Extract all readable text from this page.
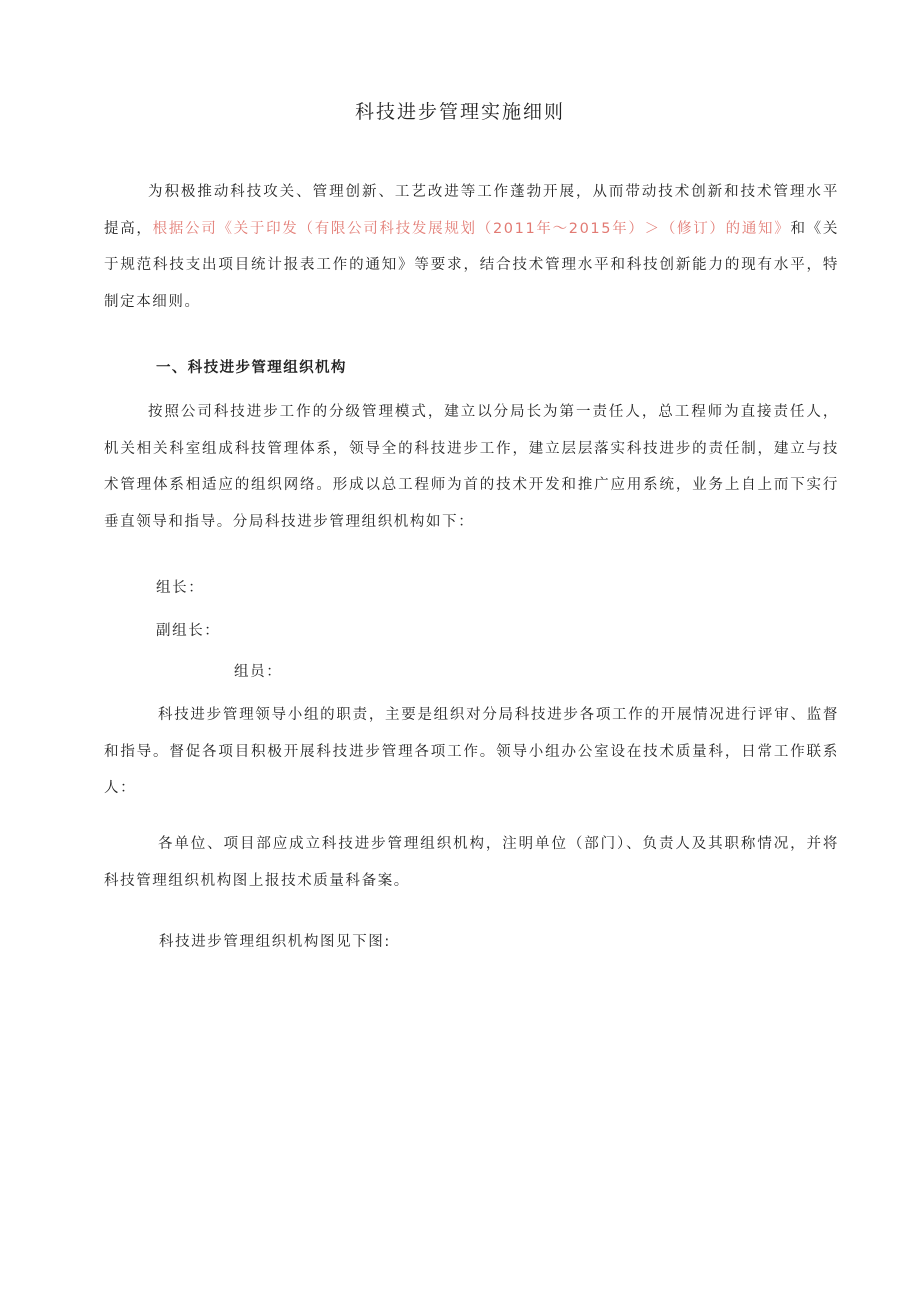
科技进步管理实施细则

为积极推动科技攻关、管理创新、工艺改进等工作蓬勃开展，从而带动技术创新和技术管理水平提高，根据公司《关于印发（有限公司科技发展规划（2011年～2015年）＞（修订）的通知》和《关于规范科技支出项目统计报表工作的通知》等要求，结合技术管理水平和科技创新能力的现有水平，特制定本细则。

一、科技进步管理组织机构

按照公司科技进步工作的分级管理模式，建立以分局长为第一责任人，总工程师为直接责任人，机关相关科室组成科技管理体系，领导全的科技进步工作，建立层层落实科技进步的责任制，建立与技术管理体系相适应的组织网络。形成以总工程师为首的技术开发和推广应用系统，业务上自上而下实行垂直领导和指导。分局科技进步管理组织机构如下：

组长：
副组长：
组员：

科技进步管理领导小组的职责，主要是组织对分局科技进步各项工作的开展情况进行评审、监督和指导。督促各项目积极开展科技进步管理各项工作。领导小组办公室设在技术质量科，日常工作联系人：

各单位、项目部应成立科技进步管理组织机构，注明单位（部门）、负责人及其职称情况，并将科技管理组织机构图上报技术质量科备案。

科技进步管理组织机构图见下图:
